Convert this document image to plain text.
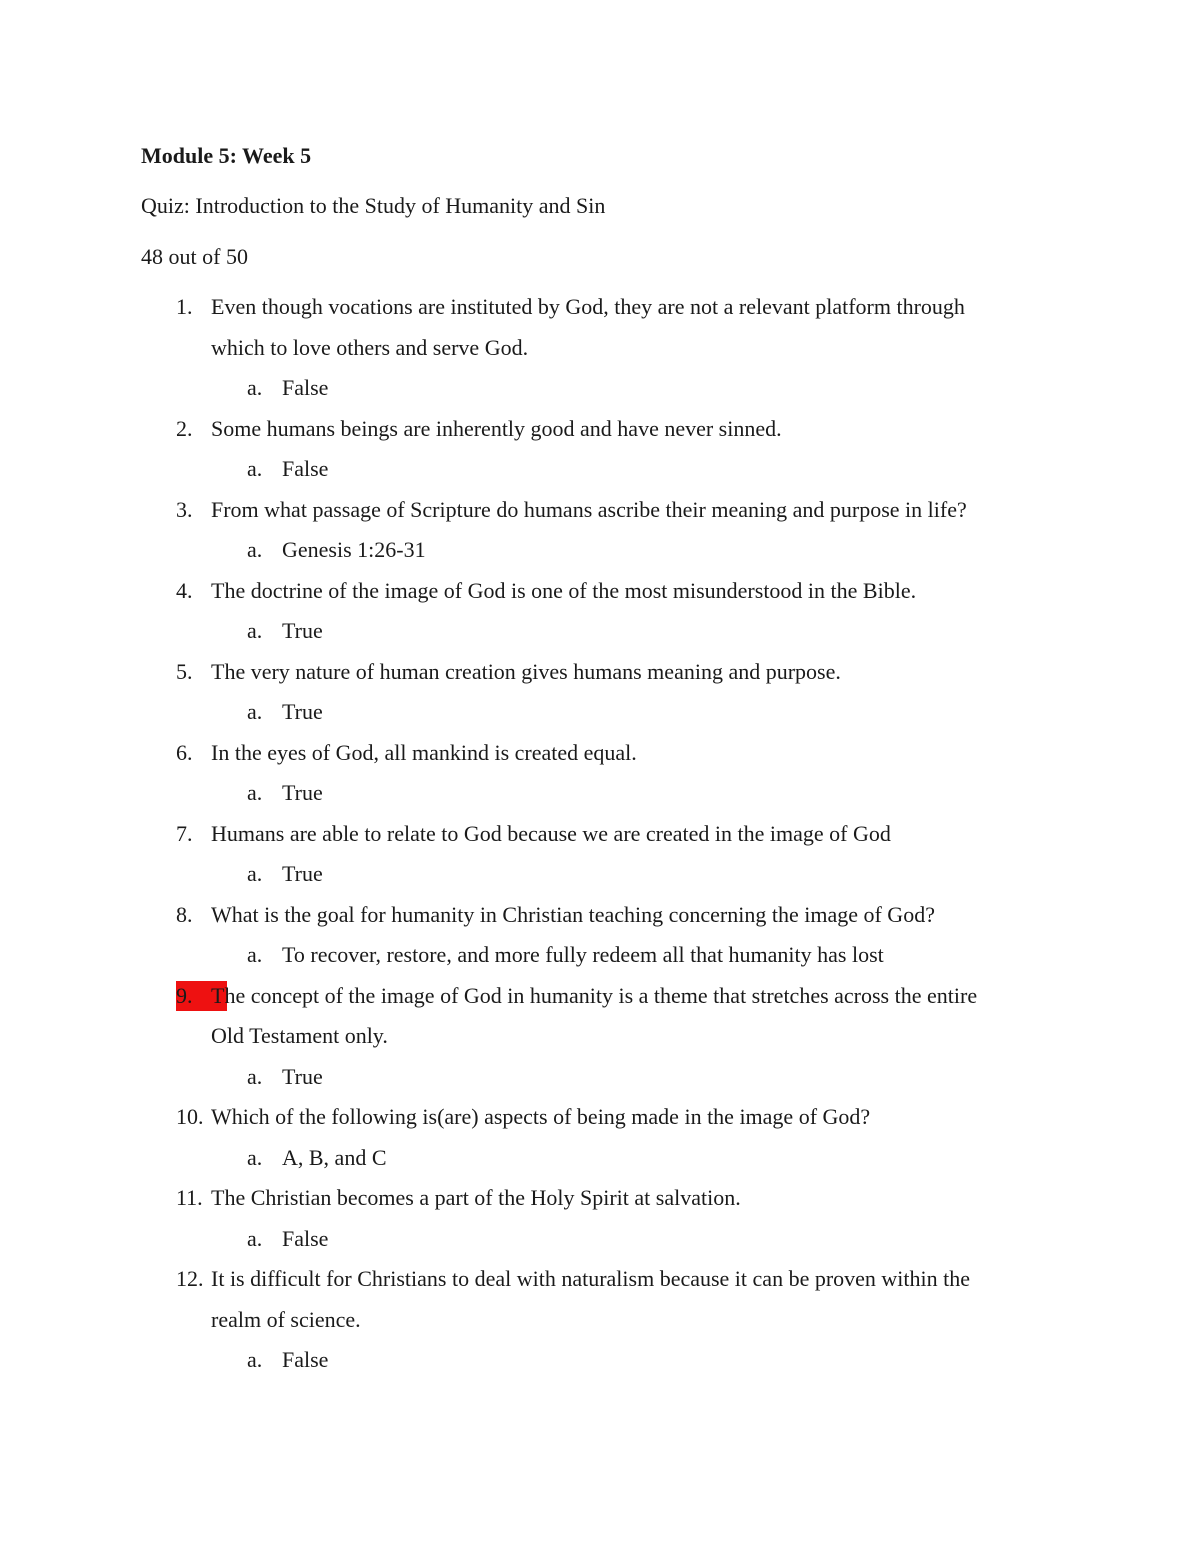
Module 5: Week 5
Quiz: Introduction to the Study of Humanity and Sin
48 out of 50
1. Even though vocations are instituted by God, they are not a relevant platform through
which to love others and serve God.
a. False
2. Some humans beings are inherently good and have never sinned.
a. False
3. From what passage of Scripture do humans ascribe their meaning and purpose in life?
a. Genesis 1:26-31
4. The doctrine of the image of God is one of the most misunderstood in the Bible.
a. True
5. The very nature of human creation gives humans meaning and purpose.
a. True
6. In the eyes of God, all mankind is created equal.
a. True
7. Humans are able to relate to God because we are created in the image of God
a. True
8. What is the goal for humanity in Christian teaching concerning the image of God?
a. To recover, restore, and more fully redeem all that humanity has lost
9. The concept of the image of God in humanity is a theme that stretches across the entire
Old Testament only.
a. True
10. Which of the following is(are) aspects of being made in the image of God?
a. A, B, and C
11. The Christian becomes a part of the Holy Spirit at salvation.
a. False
12. It is difficult for Christians to deal with naturalism because it can be proven within the
realm of science.
a. False
